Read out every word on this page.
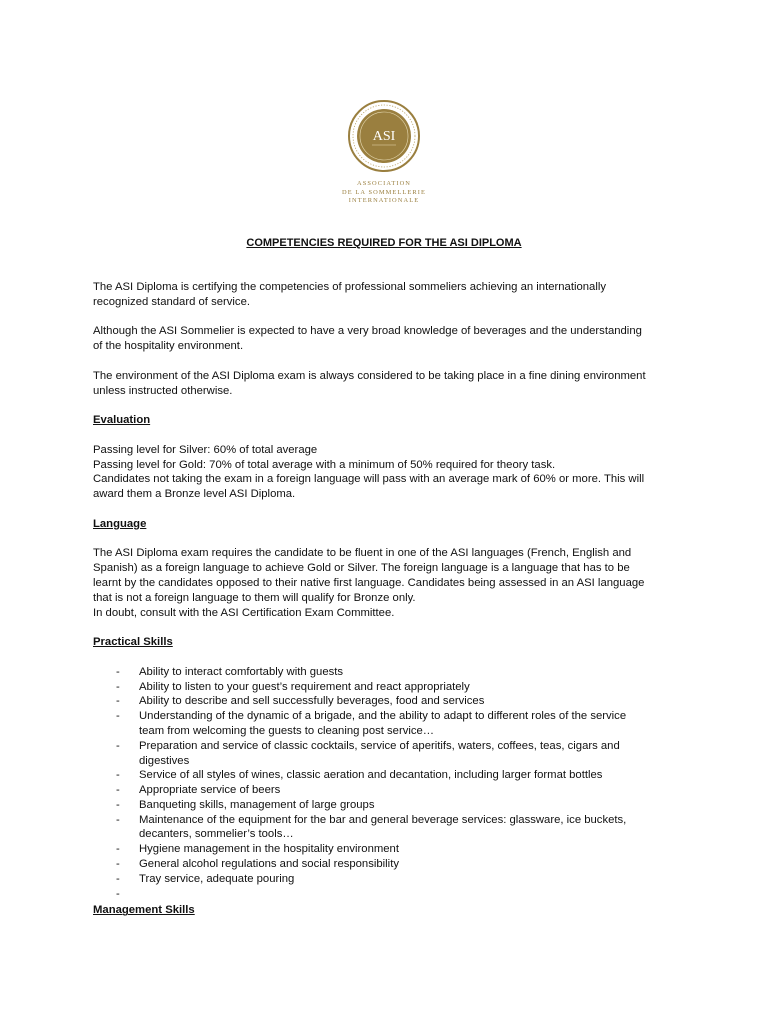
ASI
ASSOCIATION
DE LA SOMMELLERIE
INTERNATIONALE
COMPETENCIES REQUIRED FOR THE ASI DIPLOMA

The ASI Diploma is certifying the competencies of professional sommeliers achieving an internationally
recognized standard of service.

Although the ASI Sommelier is expected to have a very broad knowledge of beverages and the understanding
of the hospitality environment.

The environment of the ASI Diploma exam is always considered to be taking place in a fine dining environment
unless instructed otherwise.

Evaluation

Passing level for Silver: 60% of total average
Passing level for Gold: 70% of total average with a minimum of 50% required for theory task.
Candidates not taking the exam in a foreign language will pass with an average mark of 60% or more. This will
award them a Bronze level ASI Diploma.

Language

The ASI Diploma exam requires the candidate to be fluent in one of the ASI languages (French, English and
Spanish) as a foreign language to achieve Gold or Silver. The foreign language is a language that has to be
learnt by the candidates opposed to their native first language. Candidates being assessed in an ASI language
that is not a foreign language to them will qualify for Bronze only.
In doubt, consult with the ASI Certification Exam Committee.

Practical Skills
- Ability to interact comfortably with guests
- Ability to listen to your guest’s requirement and react appropriately
- Ability to describe and sell successfully beverages, food and services
- Understanding of the dynamic of a brigade, and the ability to adapt to different roles of the service
team from welcoming the guests to cleaning post service…
- Preparation and service of classic cocktails, service of aperitifs, waters, coffees, teas, cigars and
digestives
- Service of all styles of wines, classic aeration and decantation, including larger format bottles
- Appropriate service of beers
- Banqueting skills, management of large groups
- Maintenance of the equipment for the bar and general beverage services: glassware, ice buckets,
decanters, sommelier’s tools…
- Hygiene management in the hospitality environment
- General alcohol regulations and social responsibility
- Tray service, adequate pouring
-

Management Skills
